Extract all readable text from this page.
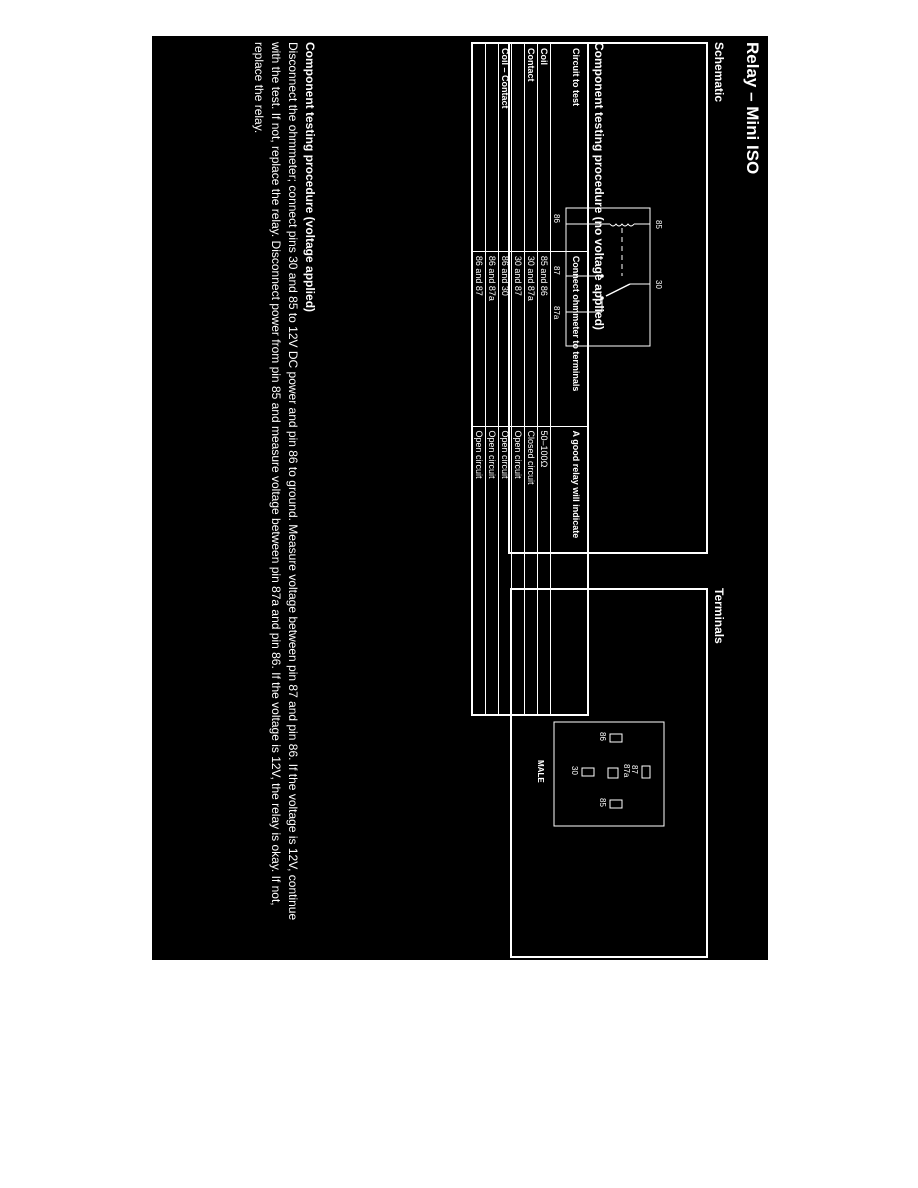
Relay – Mini ISO
Schematic
Terminals
85
86
30
87
87a
87
87a
86
85
30
MALE
Component testing procedure (no voltage applied)
Circuit to test	Connect ohmmeter to terminals	A good relay will indicate
Coil	85 and 86	50–100Ω
Contact	30 and 87a	Closed circuit
	30 and 87	Open circuit
Coil – Contact	86 and 30	Open circuit
	86 and 87a	Open circuit
	86 and 87	Open circuit
Component testing procedure (voltage applied)
Disconnect the ohmmeter; connect pins 30 and 85 to 12V DC power and pin 86 to ground. Measure voltage between pin 87 and pin 86. If the voltage is 12V, continue with the test. If not, replace the relay. Disconnect power from pin 85 and measure voltage between pin 87a and pin 86. If the voltage is 12V, the relay is okay. If not, replace the relay.
